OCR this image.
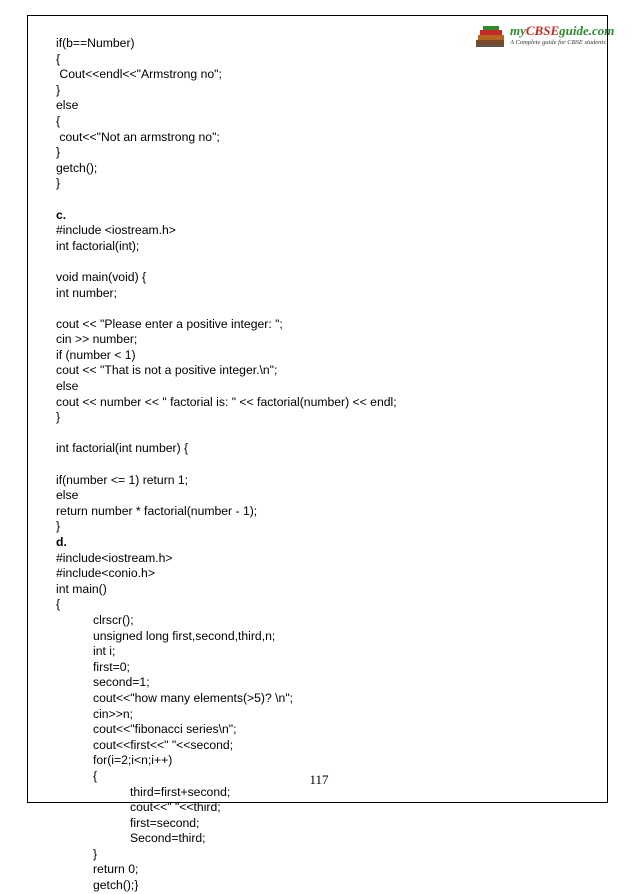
myCBSEguide.com
A Complete guide for CBSE students
if(b==Number)
{
Cout<<endl<<"Armstrong no";
}
else
{
cout<<"Not an armstrong no";
}
getch();
}
c.
#include <iostream.h>
int factorial(int);
void main(void) {
int number;
cout << "Please enter a positive integer: ";
cin >> number;
if (number < 1)
cout << "That is not a positive integer.\n";
else
cout << number << " factorial is: " << factorial(number) << endl;
}
int factorial(int number) {
if(number <= 1) return 1;
else
return number * factorial(number - 1);
}
d.
#include<iostream.h>
#include<conio.h>
int main()
{
clrscr();
unsigned long first,second,third,n;
int i;
first=0;
second=1;
cout<<"how many elements(>5)? \n";
cin>>n;
cout<<"fibonacci series\n";
cout<<first<<" "<<second;
for(i=2;i<n;i++)
{
third=first+second;
cout<<" "<<third;
first=second;
Second=third;
}
return 0;
getch();}
117
